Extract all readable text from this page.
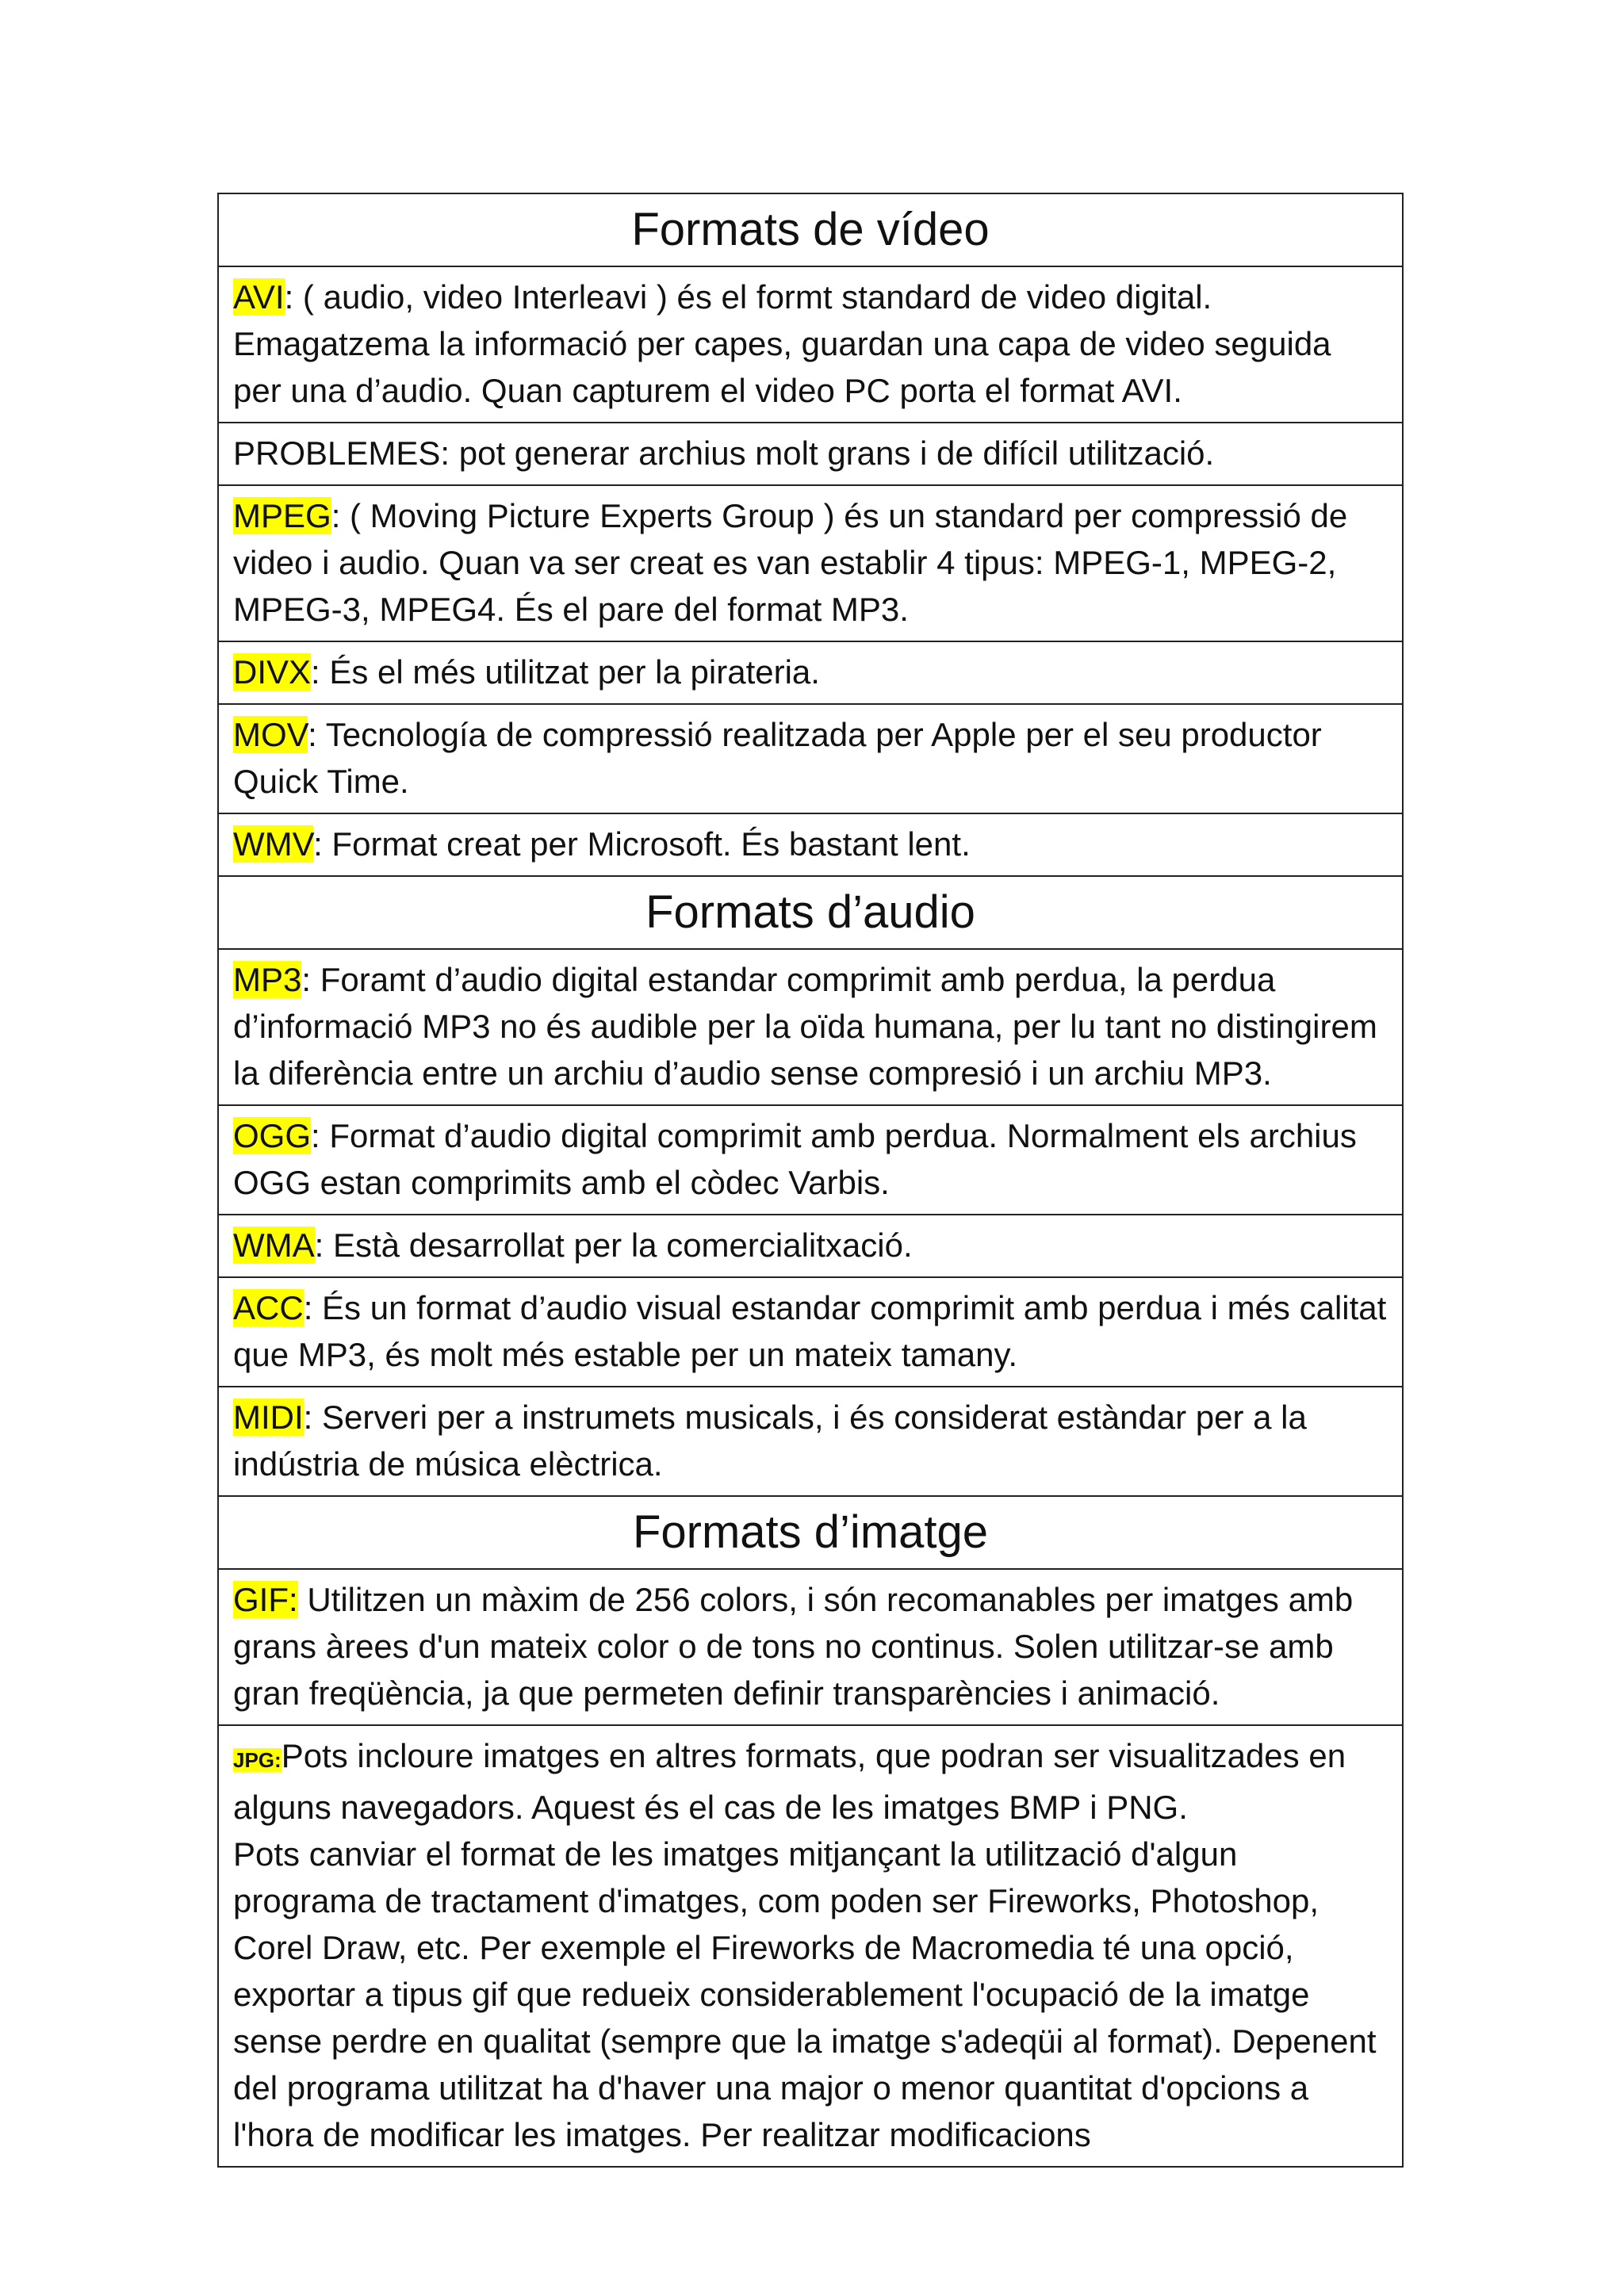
Formats de vídeo
AVI: ( audio, video Interleavi ) és el formt standard de video digital. Emagatzema la informació per capes, guardan una capa de video seguida per una d’audio. Quan capturem el video PC porta el format AVI.
PROBLEMES: pot generar archius molt grans i de difícil utilització.
MPEG: ( Moving Picture Experts Group ) és un standard per compressió de video i audio. Quan va ser creat es van establir 4 tipus: MPEG-1, MPEG-2, MPEG-3, MPEG4. És el pare del format MP3.
DIVX: És el més utilitzat per la pirateria.
MOV: Tecnología de compressió realitzada per Apple per el seu productor Quick Time.
WMV: Format creat per Microsoft. És bastant lent.
Formats d’audio
MP3: Foramt d’audio digital estandar comprimit amb perdua, la perdua d’informació MP3 no és audible per la oïda humana, per lu tant no distingirem la diferència entre un archiu d’audio sense compresió i un archiu MP3.
OGG: Format d’audio digital comprimit amb perdua. Normalment els archius OGG estan comprimits amb el còdec Varbis.
WMA: Està desarrollat per la comercialitxació.
ACC: És un format d’audio visual estandar comprimit amb perdua i més calitat que MP3, és molt més estable per un mateix tamany.
MIDI: Serveri per a instrumets musicals, i és considerat estàndar per a la indústria de música elèctrica.
Formats d’imatge
GIF: Utilitzen un màxim de 256 colors, i són recomanables per imatges amb grans àrees d'un mateix color o de tons no continus. Solen utilitzar-se amb gran freqüència, ja que permeten definir transparències i animació.
JPG:Pots incloure imatges en altres formats, que podran ser visualitzades en alguns navegadors. Aquest és el cas de les imatges BMP i PNG.
Pots canviar el format de les imatges mitjançant la utilització d'algun programa de tractament d'imatges, com poden ser Fireworks, Photoshop, Corel Draw, etc. Per exemple el Fireworks de Macromedia té una opció, exportar a tipus gif que redueix considerablement l'ocupació de la imatge sense perdre en qualitat (sempre que la imatge s'adeqüi al format). Depenent del programa utilitzat ha d'haver una major o menor quantitat d'opcions a l'hora de modificar les imatges. Per realitzar modificacions
